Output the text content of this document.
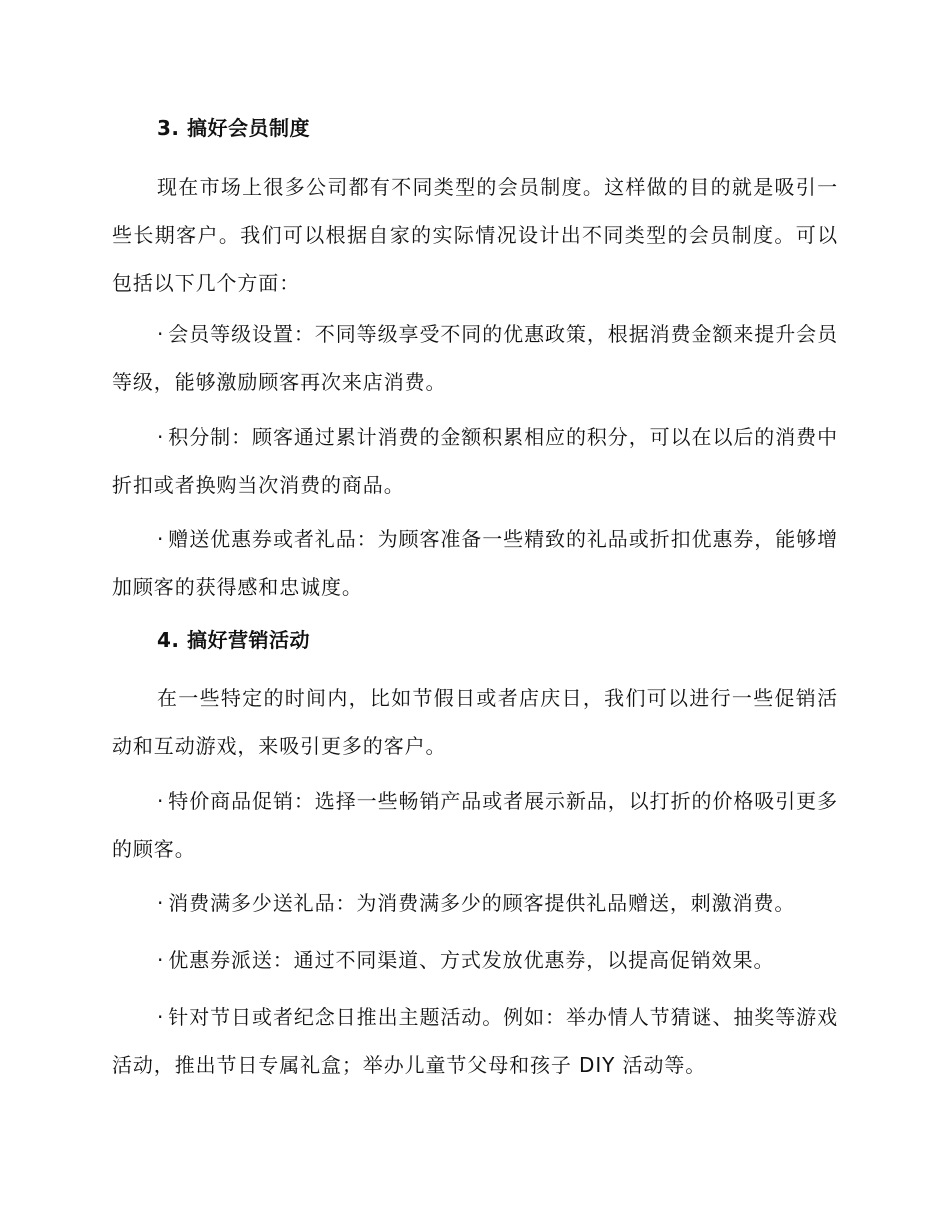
3. 搞好会员制度
现在市场上很多公司都有不同类型的会员制度。这样做的目的就是吸引一些长期客户。我们可以根据自家的实际情况设计出不同类型的会员制度。可以包括以下几个方面：
· 会员等级设置：不同等级享受不同的优惠政策，根据消费金额来提升会员等级，能够激励顾客再次来店消费。
· 积分制：顾客通过累计消费的金额积累相应的积分，可以在以后的消费中折扣或者换购当次消费的商品。
· 赠送优惠券或者礼品：为顾客准备一些精致的礼品或折扣优惠券，能够增加顾客的获得感和忠诚度。
4. 搞好营销活动
在一些特定的时间内，比如节假日或者店庆日，我们可以进行一些促销活动和互动游戏，来吸引更多的客户。
· 特价商品促销：选择一些畅销产品或者展示新品，以打折的价格吸引更多的顾客。
· 消费满多少送礼品：为消费满多少的顾客提供礼品赠送，刺激消费。
· 优惠券派送：通过不同渠道、方式发放优惠券，以提高促销效果。
· 针对节日或者纪念日推出主题活动。例如：举办情人节猜谜、抽奖等游戏活动，推出节日专属礼盒；举办儿童节父母和孩子 DIY 活动等。
